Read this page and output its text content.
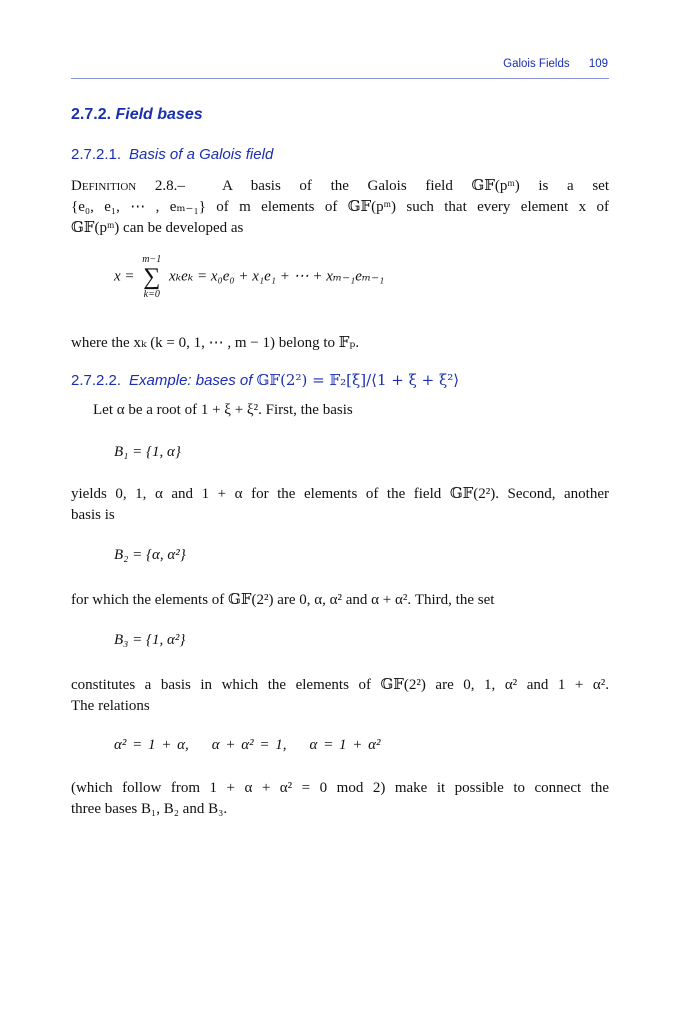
Galois Fields 109
2.7.2. Field bases
2.7.2.1. Basis of a Galois field
Definition 2.8.– A basis of the Galois field 𝔾𝔽(pᵐ) is a set
{e₀, e₁, ⋯ , eₘ₋₁} of m elements of 𝔾𝔽(pᵐ) such that every element x of
𝔾𝔽(pᵐ) can be developed as
x =
m−1
∑
k=0
xₖeₖ = x₀e₀ + x₁e₁ + ⋯ + xₘ₋₁eₘ₋₁
where the xₖ (k = 0, 1, ⋯ , m − 1) belong to 𝔽ₚ.
2.7.2.2. Example: bases of 𝔾𝔽(2²) = 𝔽₂[ξ]/⟨1 + ξ + ξ²⟩
Let α be a root of 1 + ξ + ξ². First, the basis
B₁ = {1, α}
yields 0, 1, α and 1 + α for the elements of the field 𝔾𝔽(2²). Second, another
basis is
B₂ = {α, α²}
for which the elements of 𝔾𝔽(2²) are 0, α, α² and α + α². Third, the set
B₃ = {1, α²}
constitutes a basis in which the elements of 𝔾𝔽(2²) are 0, 1, α² and 1 + α².
The relations
α² = 1 + α,    α + α² = 1,    α = 1 + α²
(which follow from 1 + α + α² = 0 mod 2) make it possible to connect the
three bases B₁, B₂ and B₃.
